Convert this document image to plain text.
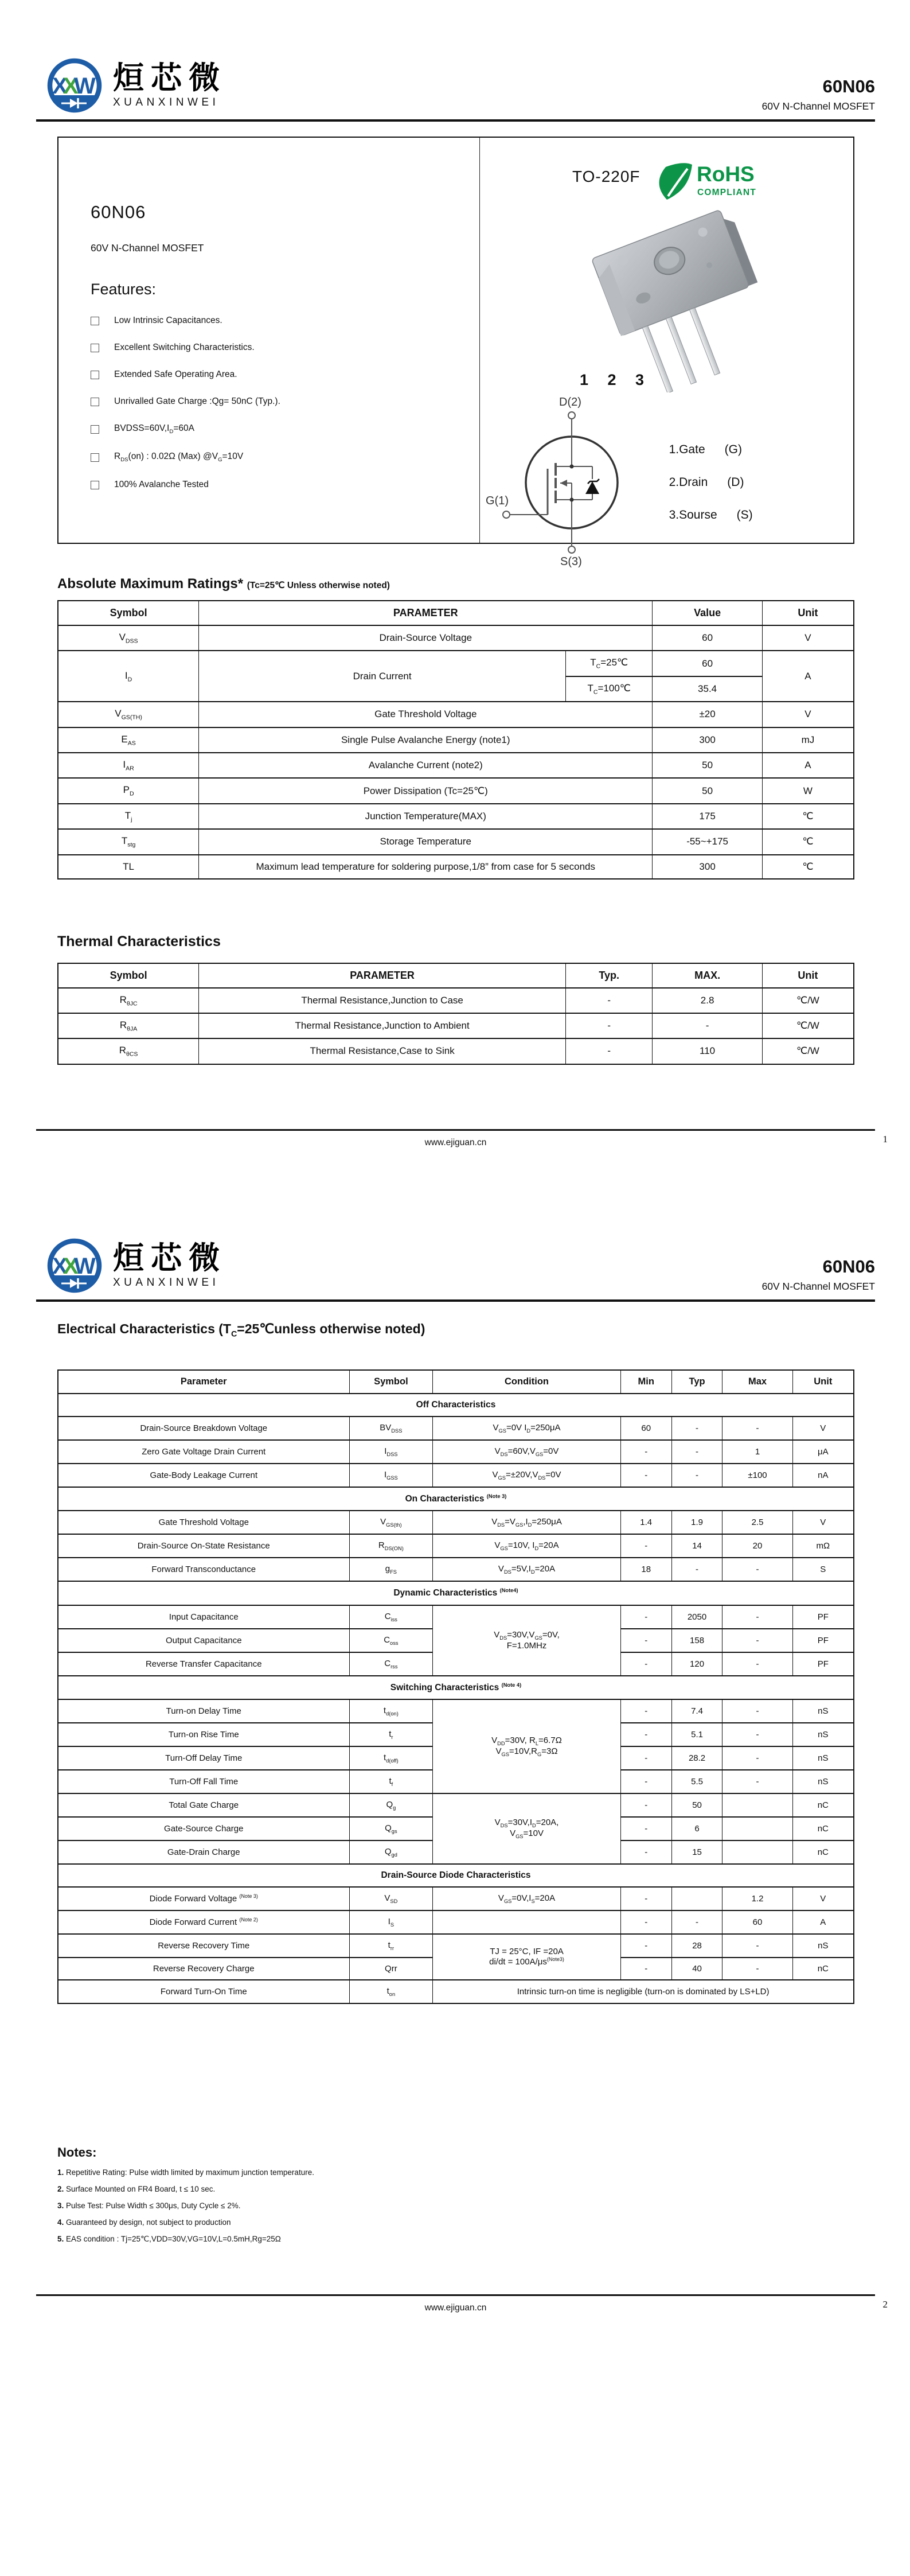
X
X
W 烜芯微
XUANXINWEI
60N06
60V N-Channel MOSFET
60N06
60V N-Channel MOSFET
Features:
Low Intrinsic Capacitances.
Excellent Switching Characteristics.
Extended Safe Operating Area.
Unrivalled Gate Charge :Qg= 50nC (Typ.).
$BVDSS=60V,I_D=60A$
$R_{DS}(on)$ : 0.02Ω (Max) $@V_G=10V$
100% Avalanche Tested
TO-220F	RoHS
COMPLIANT
1 2 3
D(2)
G(1)
S(3)
1.Gate (G)
2.Drain (D)
3.Sourse (S)
Absolute Maximum Ratings* (Tc=25℃ Unless otherwise noted)
Symbol	PARAMETER		Value	Unit
$V_{DSS}$	Drain-Source Voltage		60	V
$I_D$	Drain Current	$T_C=25℃$	60	A
		$T_C=100℃$	35.4	
$V_{GS(TH)}$	Gate Threshold Voltage		±20	V
$E_{AS}$	Single Pulse Avalanche Energy (note1)		300	mJ
$I_{AR}$	Avalanche Current (note2)		50	A
$P_D$	Power Dissipation (Tc=25℃)		50	W
$T_j$	Junction Temperature(MAX)		175	℃
$T_{stg}$	Storage Temperature		-55~+175	℃
TL	Maximum lead temperature for soldering purpose,1/8” from case for 5 seconds		300	℃
Thermal Characteristics
Symbol	PARAMETER	Typ.	MAX.	Unit
$R_{\theta JC}$	Thermal Resistance,Junction to Case	-	2.8	℃/W
$R_{\theta JA}$	Thermal Resistance,Junction to Ambient	-	-	℃/W
$R_{\theta CS}$	Thermal Resistance,Case to Sink	-	110	℃/W
www.ejiguan.cn	1
X
X
W 烜芯微
XUANXINWEI
60N06
60V N-Channel MOSFET
Electrical Characteristics ($T_C=25℃unless$ otherwise noted)
Parameter	Symbol	Condition	Min	Typ	Max	Unit
Off Characteristics						
Drain-Source Breakdown Voltage	$BV_{DSS}$	$V_{GS}=0V$ $I_D=250\mu A$	60	-	-	V
Zero Gate Voltage Drain Current	$I_{DSS}$	$V_{DS}=60V,V_{GS}=0V$	-	-	1	μA
Gate-Body Leakage Current	$I_{GSS}$	$V_{GS}=\pm 20V,V_{DS}=0V$	-	-	±100	nA
On Characteristics $^{(Note 3)}$
Gate Threshold Voltage	$V_{GS(th)}$	$V_{DS}=V_{GS},I_D=250\mu A$	1.4	1.9	2.5	V
Drain-Source On-State Resistance	$R_{DS(ON)}$	$V_{GS}=10V$, $I_D=20A$	-	14	20	mΩ
Forward Transconductance	$g_{FS}$	$V_{DS}=5V,I_D=20A$	18	-	-	S
Dynamic Characteristics $^{(Note4)}$
Input Capacitance	$C_{iss}$	$V_{DS}=30V,V_{GS}=0V$,
F=1.0MHz	-	2050	-	PF
Output Capacitance	$C_{oss}$		-	158	-	PF
Reverse Transfer Capacitance	$C_{rss}$		-	120	-	PF
Switching Characteristics $^{(Note 4)}$
Turn-on Delay Time	$t_{d(on)}$	$V_{DD}=30V$, $R_L=6.7\Omega$
$V_{GS}=10V,R_G=3\Omega$	-	7.4	-	nS
Turn-on Rise Time	$t_r$		-	5.1	-	nS
Turn-Off Delay Time	$t_{d(off)}$		-	28.2	-	nS
Turn-Off Fall Time	$t_f$		-	5.5	-	nS
Total Gate Charge	$Q_g$	$V_{DS}=30V,I_D=20A$,
$V_{GS}=10V$	-	50		nC
Gate-Source Charge	$Q_{gs}$		-	6		nC
Gate-Drain Charge	$Q_{gd}$		-	15		nC
Drain-Source Diode Characteristics						
Diode Forward Voltage $^{(Note 3)}$	$V_{SD}$	$V_{GS}=0V,I_S=20A$	-		1.2	V
Diode Forward Current $^{(Note 2)}$	$I_S$		-	-	60	A
Reverse Recovery Time	$t_{rr}$	TJ = 25°C, IF =20A
$di/dt = 100A/\mu s^{(Note3)}$	-	28	-	nS
Reverse Recovery Charge	Qrr		-	40	-	nC
Forward Turn-On Time	$t_{on}$	Intrinsic turn-on time is negligible (turn-on is dominated by LS+LD)				
Notes:
1. Repetitive Rating: Pulse width limited by maximum junction temperature.
2. Surface Mounted on FR4 Board, t ≤ 10 sec.
3. Pulse Test: Pulse Width ≤ 300μs, Duty Cycle ≤ 2%.
4. Guaranteed by design, not subject to production
5. EAS condition : Tj=25℃,VDD=30V,VG=10V,L=0.5mH,Rg=25Ω
www.ejiguan.cn	2
